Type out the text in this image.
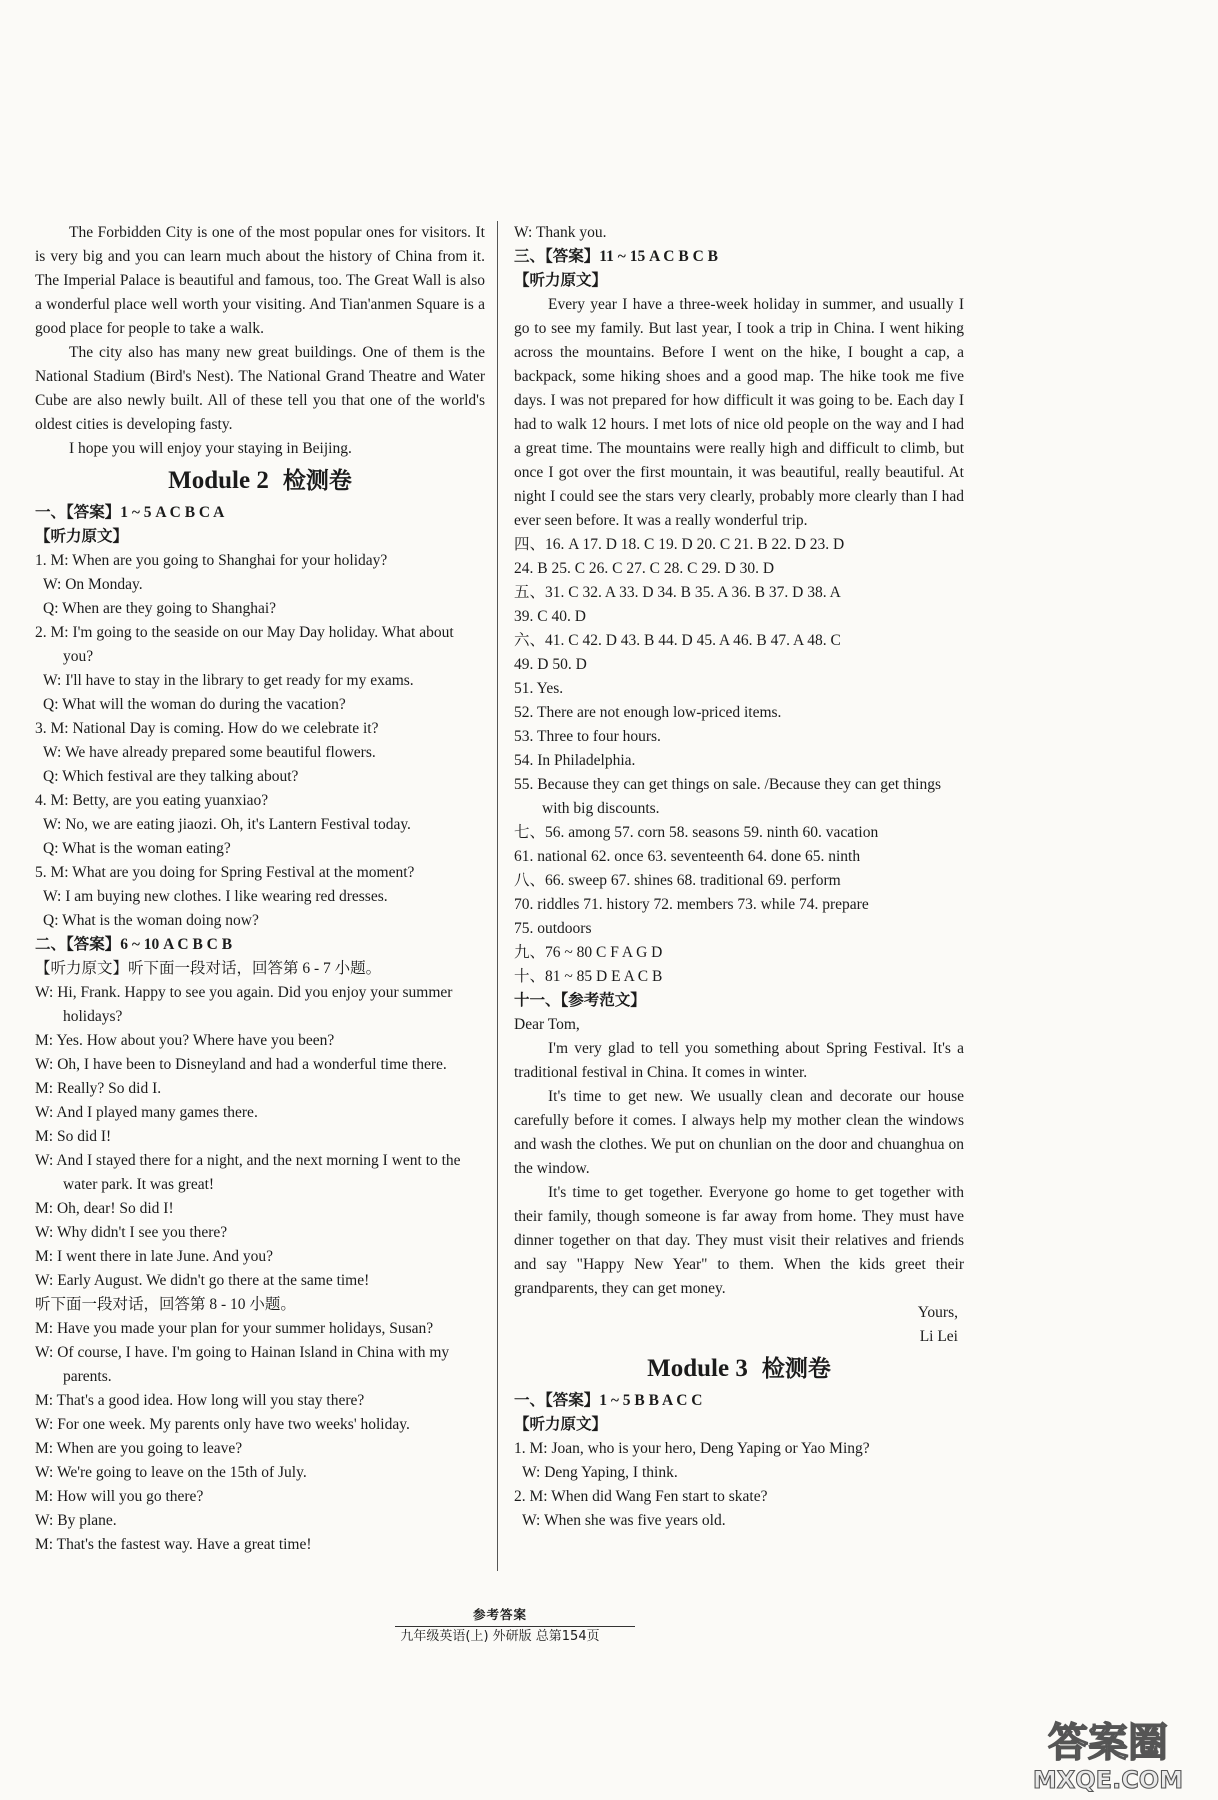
The Forbidden City is one of the most popular ones for visitors. It is very big and you can learn much about the history of China from it. The Imperial Palace is beautiful and famous, too. The Great Wall is also a wonderful place well worth your visiting. And Tian'anmen Square is a good place for people to take a walk.

The city also has many new great buildings. One of them is the National Stadium (Bird's Nest). The National Grand Theatre and Water Cube are also newly built. All of these tell you that one of the world's oldest cities is developing fasty.

I hope you will enjoy your staying in Beijing.

Module 2 检测卷

一、【答案】1 ~ 5 A C B C A

【听力原文】

1. M: When are you going to Shanghai for your holiday?

W: On Monday.

Q: When are they going to Shanghai?

2. M: I'm going to the seaside on our May Day holiday. What about you?

W: I'll have to stay in the library to get ready for my exams.

Q: What will the woman do during the vacation?

3. M: National Day is coming. How do we celebrate it?

W: We have already prepared some beautiful flowers.

Q: Which festival are they talking about?

4. M: Betty, are you eating yuanxiao?

W: No, we are eating jiaozi. Oh, it's Lantern Festival today.

Q: What is the woman eating?

5. M: What are you doing for Spring Festival at the moment?

W: I am buying new clothes. I like wearing red dresses.

Q: What is the woman doing now?

二、【答案】6 ~ 10 A C B C B

【听力原文】听下面一段对话，回答第 6 - 7 小题。

W: Hi, Frank. Happy to see you again. Did you enjoy your summer holidays?

M: Yes. How about you? Where have you been?

W: Oh, I have been to Disneyland and had a wonderful time there.

M: Really? So did I.

W: And I played many games there.

M: So did I!

W: And I stayed there for a night, and the next morning I went to the water park. It was great!

M: Oh, dear! So did I!

W: Why didn't I see you there?

M: I went there in late June. And you?

W: Early August. We didn't go there at the same time!

听下面一段对话，回答第 8 - 10 小题。

M: Have you made your plan for your summer holidays, Susan?

W: Of course, I have. I'm going to Hainan Island in China with my parents.

M: That's a good idea. How long will you stay there?

W: For one week. My parents only have two weeks' holiday.

M: When are you going to leave?

W: We're going to leave on the 15th of July.

M: How will you go there?

W: By plane.

M: That's the fastest way. Have a great time!

W: Thank you.

三、【答案】11 ~ 15 A C B C B

【听力原文】

Every year I have a three-week holiday in summer, and usually I go to see my family. But last year, I took a trip in China. I went hiking across the mountains. Before I went on the hike, I bought a cap, a backpack, some hiking shoes and a good map. The hike took me five days. I was not prepared for how difficult it was going to be. Each day I had to walk 12 hours. I met lots of nice old people on the way and I had a great time. The mountains were really high and difficult to climb, but once I got over the first mountain, it was beautiful, really beautiful. At night I could see the stars very clearly, probably more clearly than I had ever seen before. It was a really wonderful trip.

四、16. A 17. D 18. C 19. D 20. C 21. B 22. D 23. D

24. B 25. C 26. C 27. C 28. C 29. D 30. D

五、31. C 32. A 33. D 34. B 35. A 36. B 37. D 38. A

39. C 40. D

六、41. C 42. D 43. B 44. D 45. A 46. B 47. A 48. C

49. D 50. D

51. Yes.

52. There are not enough low-priced items.

53. Three to four hours.

54. In Philadelphia.

55. Because they can get things on sale. /Because they can get things with big discounts.

七、56. among 57. corn 58. seasons 59. ninth 60. vacation

61. national 62. once 63. seventeenth 64. done 65. ninth

八、66. sweep 67. shines 68. traditional 69. perform

70. riddles 71. history 72. members 73. while 74. prepare

75. outdoors

九、76 ~ 80 C F A G D

十、81 ~ 85 D E A C B

十一、【参考范文】

Dear Tom,

I'm very glad to tell you something about Spring Festival. It's a traditional festival in China. It comes in winter.

It's time to get new. We usually clean and decorate our house carefully before it comes. I always help my mother clean the windows and wash the clothes. We put on chunlian on the door and chuanghua on the window.

It's time to get together. Everyone go home to get together with their family, though someone is far away from home. They must have dinner together on that day. They must visit their relatives and friends and say "Happy New Year" to them. When the kids greet their grandparents, they can get money.

Yours,

Li Lei

Module 3 检测卷

一、【答案】1 ~ 5 B B A C C

【听力原文】

1. M: Joan, who is your hero, Deng Yaping or Yao Ming?

W: Deng Yaping, I think.

2. M: When did Wang Fen start to skate?

W: When she was five years old.

参考答案
九年级英语(上) 外研版 总第154页
答案圈
MXQE.COM
